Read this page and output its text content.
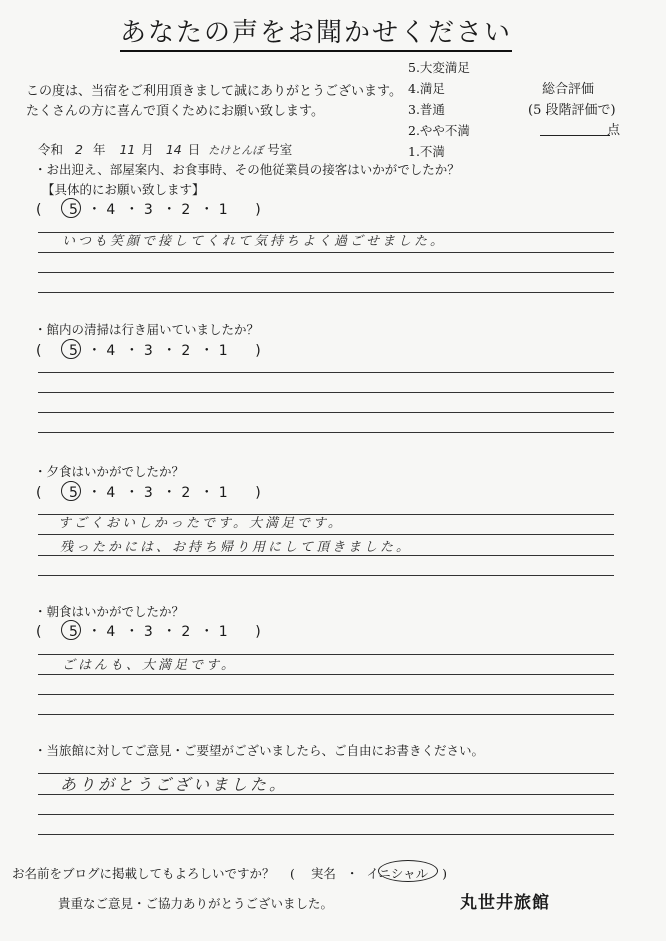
あなたの声をお聞かせください
この度は、当宿をご利用頂きまして誠にありがとうございます。
たくさんの方に喜んで頂くためにお願い致します。
5.大変満足
4.満足
3.普通
2.やや不満
1.不満
総合評価
(5 段階評価で)
点
令和 2 年 11 月 14 日 たけとんぼ 号室
・お出迎え、部屋案内、お食事時、その他従業員の接客はいかがでしたか？
【具体的にお願い致します】
( 5 ・ 4 ・ 3 ・ 2 ・ 1 )
いつも笑顔で接してくれて気持ちよく過ごせました。
・館内の清掃は行き届いていましたか？
( 5 ・ 4 ・ 3 ・ 2 ・ 1 )
・夕食はいかがでしたか？
( 5 ・ 4 ・ 3 ・ 2 ・ 1 )
すごくおいしかったです。大満足です。
残ったかには、お持ち帰り用にして頂きました。
・朝食はいかがでしたか？
( 5 ・ 4 ・ 3 ・ 2 ・ 1 )
ごはんも、大満足です。
・当旅館に対してご意見・ご要望がございましたら、ご自由にお書きください。
ありがとうございました。
お名前をブログに掲載してもよろしいですか？ ( 実名 ・ イニシャル )
貴重なご意見・ご協力ありがとうございました。	丸世井旅館
